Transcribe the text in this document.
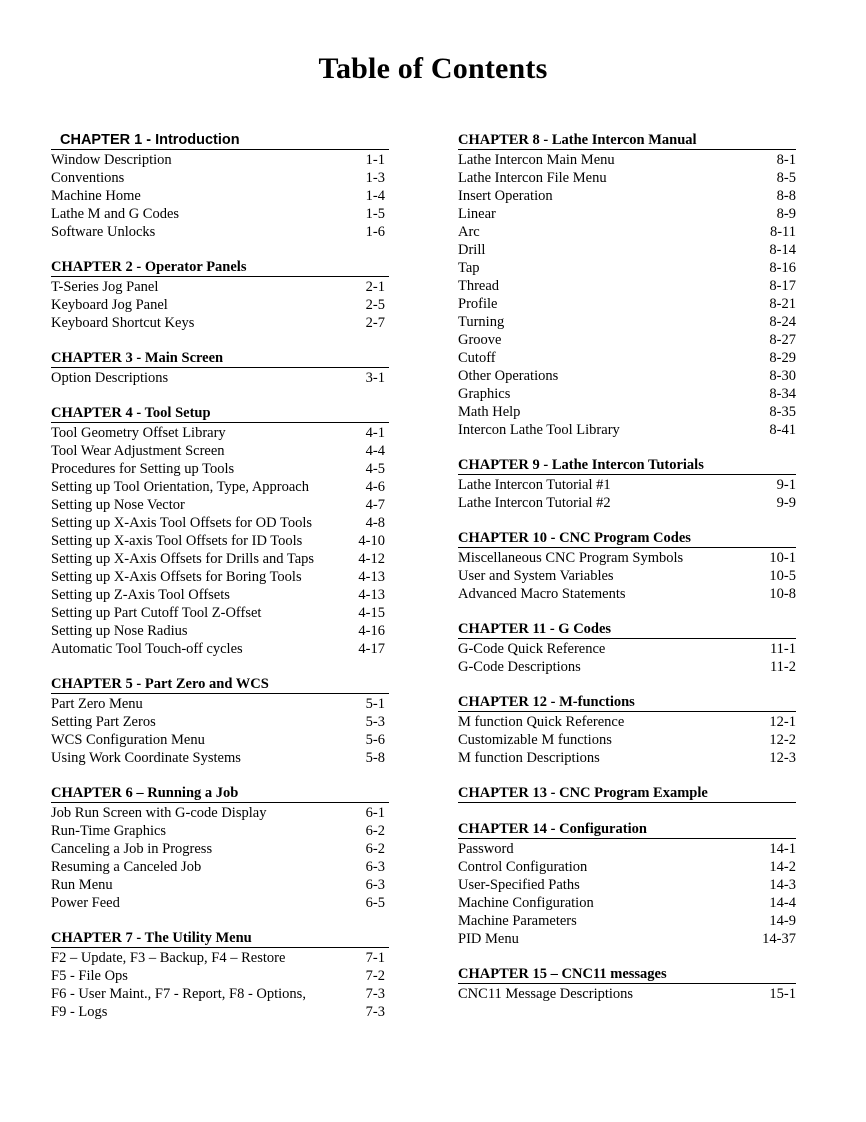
Table of Contents
CHAPTER 1 - Introduction
Window Description	1-1
Conventions	1-3
Machine Home	1-4
Lathe M and G Codes	1-5
Software Unlocks	1-6
CHAPTER 2 - Operator Panels
T-Series Jog Panel	2-1
Keyboard Jog Panel	2-5
Keyboard Shortcut Keys	2-7
CHAPTER 3 - Main Screen
Option Descriptions	3-1
CHAPTER 4 - Tool Setup
Tool Geometry Offset Library	4-1
Tool Wear Adjustment Screen	4-4
Procedures for Setting up Tools	4-5
Setting up Tool Orientation, Type, Approach	4-6
Setting up Nose Vector	4-7
Setting up X-Axis Tool Offsets for OD Tools	4-8
Setting up X-axis Tool Offsets for ID Tools	4-10
Setting up X-Axis Offsets for Drills and Taps	4-12
Setting up X-Axis Offsets for Boring Tools	4-13
Setting up Z-Axis Tool Offsets	4-13
Setting up Part Cutoff Tool Z-Offset	4-15
Setting up Nose Radius	4-16
Automatic Tool Touch-off cycles	4-17
CHAPTER 5 - Part Zero and WCS
Part Zero Menu	5-1
Setting Part Zeros	5-3
WCS Configuration Menu	5-6
Using Work Coordinate Systems	5-8
CHAPTER 6 – Running a Job
Job Run Screen with G-code Display	6-1
Run-Time Graphics	6-2
Canceling a Job in Progress	6-2
Resuming a Canceled Job	6-3
Run Menu	6-3
Power Feed	6-5
CHAPTER 7 - The Utility Menu
F2 – Update, F3 – Backup, F4 – Restore	7-1
F5 - File Ops	7-2
F6 - User Maint., F7 - Report, F8 - Options,	7-3
F9 - Logs	7-3
CHAPTER 8 - Lathe Intercon Manual
Lathe Intercon Main Menu	8-1
Lathe Intercon File Menu	8-5
Insert Operation	8-8
Linear	8-9
Arc	8-11
Drill	8-14
Tap	8-16
Thread	8-17
Profile	8-21
Turning	8-24
Groove	8-27
Cutoff	8-29
Other Operations	8-30
Graphics	8-34
Math Help	8-35
Intercon Lathe Tool Library	8-41
CHAPTER 9 - Lathe Intercon Tutorials
Lathe Intercon Tutorial #1	9-1
Lathe Intercon Tutorial #2	9-9
CHAPTER 10 - CNC Program Codes
Miscellaneous CNC Program Symbols	10-1
User and System Variables	10-5
Advanced Macro Statements	10-8
CHAPTER 11 - G Codes
G-Code Quick Reference	11-1
G-Code Descriptions	11-2
CHAPTER 12 - M-functions
M function Quick Reference	12-1
Customizable M functions	12-2
M function Descriptions	12-3
CHAPTER 13 - CNC Program Example
CHAPTER 14 - Configuration
Password	14-1
Control Configuration	14-2
User-Specified Paths	14-3
Machine Configuration	14-4
Machine Parameters	14-9
PID Menu	14-37
CHAPTER 15 – CNC11 messages
CNC11 Message Descriptions	15-1
